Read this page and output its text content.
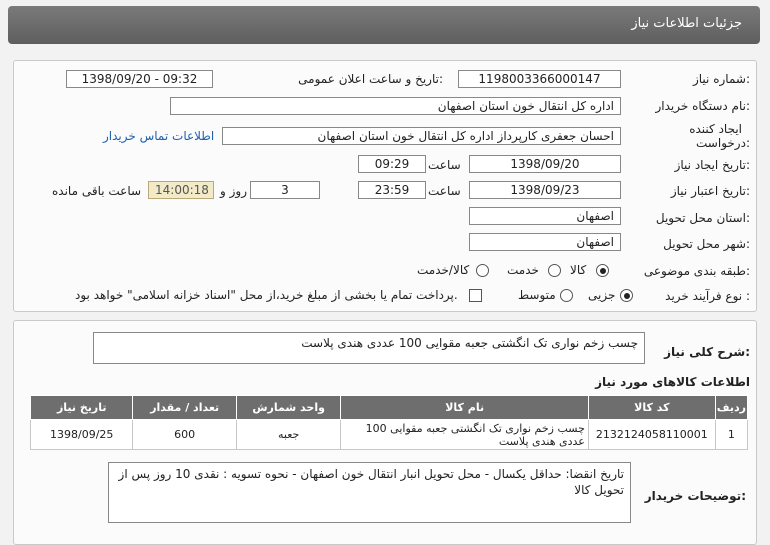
جزئیات اطلاعات نیاز
شماره نیاز:
1198003366000147
تاریخ و ساعت اعلان عمومی:
1398/09/20 - 09:32
نام دستگاه خریدار:
اداره کل انتقال خون استان اصفهان
ایجاد کننده
درخواست:
احسان جعفری کارپرداز اداره کل انتقال خون استان اصفهان
اطلاعات تماس خریدار
تاریخ ایجاد نیاز:
1398/09/20
ساعت
09:29
تاریخ اعتبار نیاز:
1398/09/23
ساعت
23:59
3
روز و
14:00:18
ساعت باقی مانده
استان محل تحویل:
اصفهان
شهر محل تحویل:
اصفهان
طبقه بندی موضوعی:
کالا
خدمت
کالا/خدمت
نوع فرآیند خرید :
جزیی
متوسط
پرداخت تمام یا بخشی از مبلغ خرید،از محل "اسناد خزانه اسلامی" خواهد بود.
شرح کلی نیاز:
چسب زخم نواری تک انگشتی جعبه مقوایی 100 عددی هندی پلاست
اطلاعات کالاهای مورد نیاز
ردیف	کد کالا	نام کالا	واحد شمارش	تعداد / مقدار	تاریخ نیاز
1	2132124058110001	چسب زخم نواری تک انگشتی جعبه مقوایی 100 عددی هندی پلاست	جعبه	600	1398/09/25
توضیحات خریدار:
تاریخ انقضا: حداقل یکسال - محل تحویل انبار انتقال خون اصفهان - نحوه تسویه : نقدی 10 روز پس از تحویل کالا
